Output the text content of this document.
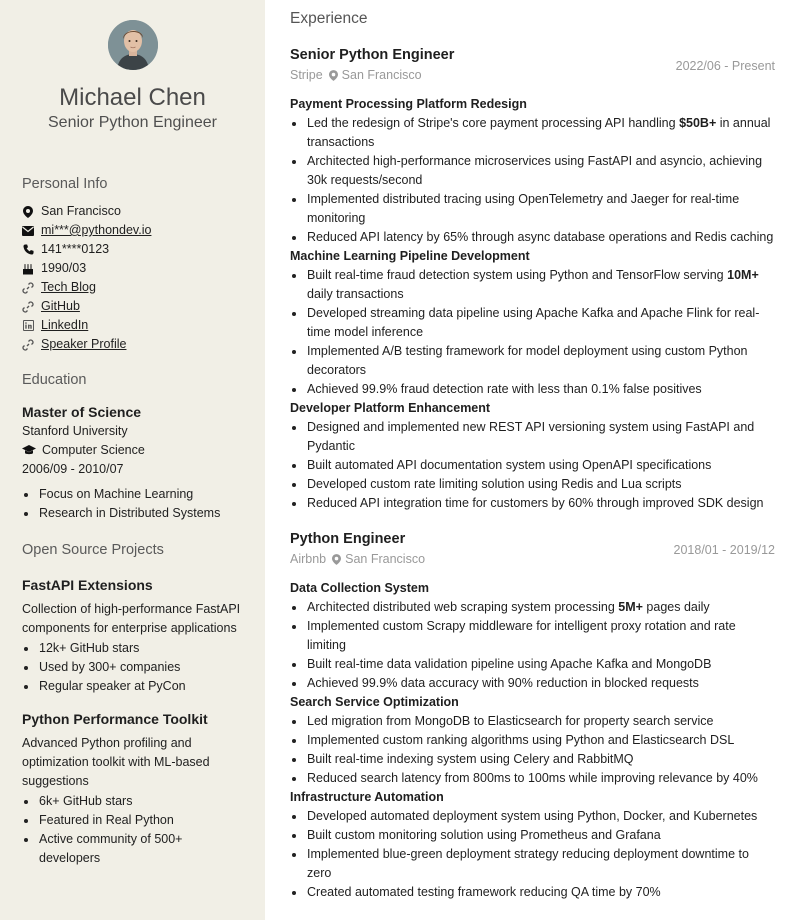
Michael Chen
Senior Python Engineer
Personal Info
San Francisco
mi***@pythondev.io
141****0123
1990/03
Tech Blog
GitHub
LinkedIn
Speaker Profile
Education
Master of Science
Stanford University
Computer Science
2006/09 - 2010/07
Focus on Machine Learning
Research in Distributed Systems
Open Source Projects
FastAPI Extensions
Collection of high-performance FastAPI components for enterprise applications
12k+ GitHub stars
Used by 300+ companies
Regular speaker at PyCon
Python Performance Toolkit
Advanced Python profiling and optimization toolkit with ML-based suggestions
6k+ GitHub stars
Featured in Real Python
Active community of 500+ developers
Experience
Senior Python Engineer
Stripe San Francisco
2022/06 - Present
Payment Processing Platform Redesign
Led the redesign of Stripe's core payment processing API handling $50B+ in annual transactions
Architected high-performance microservices using FastAPI and asyncio, achieving 30k requests/second
Implemented distributed tracing using OpenTelemetry and Jaeger for real-time monitoring
Reduced API latency by 65% through async database operations and Redis caching
Machine Learning Pipeline Development
Built real-time fraud detection system using Python and TensorFlow serving 10M+ daily transactions
Developed streaming data pipeline using Apache Kafka and Apache Flink for real-time model inference
Implemented A/B testing framework for model deployment using custom Python decorators
Achieved 99.9% fraud detection rate with less than 0.1% false positives
Developer Platform Enhancement
Designed and implemented new REST API versioning system using FastAPI and Pydantic
Built automated API documentation system using OpenAPI specifications
Developed custom rate limiting solution using Redis and Lua scripts
Reduced API integration time for customers by 60% through improved SDK design
Python Engineer
Airbnb San Francisco
2018/01 - 2019/12
Data Collection System
Architected distributed web scraping system processing 5M+ pages daily
Implemented custom Scrapy middleware for intelligent proxy rotation and rate limiting
Built real-time data validation pipeline using Apache Kafka and MongoDB
Achieved 99.9% data accuracy with 90% reduction in blocked requests
Search Service Optimization
Led migration from MongoDB to Elasticsearch for property search service
Implemented custom ranking algorithms using Python and Elasticsearch DSL
Built real-time indexing system using Celery and RabbitMQ
Reduced search latency from 800ms to 100ms while improving relevance by 40%
Infrastructure Automation
Developed automated deployment system using Python, Docker, and Kubernetes
Built custom monitoring solution using Prometheus and Grafana
Implemented blue-green deployment strategy reducing deployment downtime to zero
Created automated testing framework reducing QA time by 70%
